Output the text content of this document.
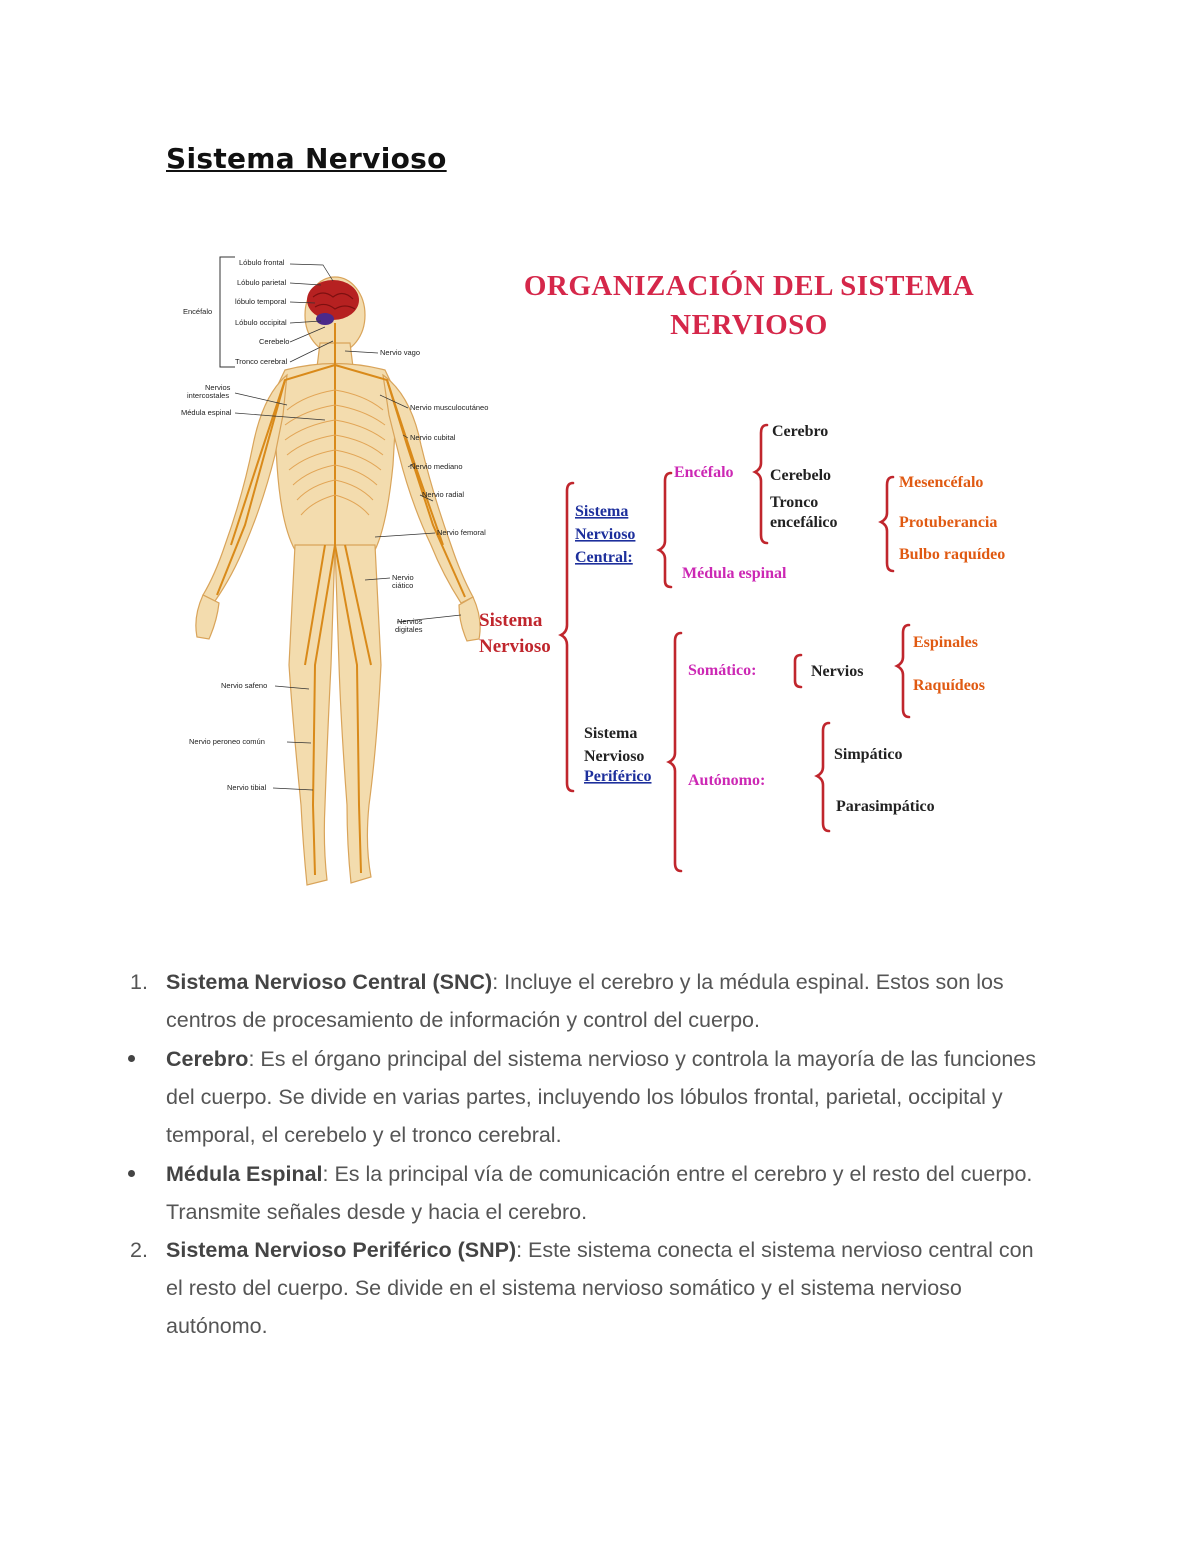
Sistema Nervioso
Encéfalo
Lóbulo frontal
Lóbulo parietal
lóbulo temporal
Lóbulo occipital
Cerebelo
Tronco cerebral
Nervios
intercostales
Médula espinal
Nervio vago
Nervio musculocutáneo
Nervio cubital
Nervio mediano
Nervio radial
Nervio femoral
Nervio
ciático
Nervios
digitales
Nervio safeno
Nervio peroneo común
Nervio tibial
ORGANIZACIÓN DEL SISTEMA
NERVIOSO
Sistema
Nervioso
Sistema
Nervioso
Central:
Sistema
Nervioso
Periférico
Encéfalo
Médula espinal
Cerebro
Cerebelo
Tronco
encefálico
Mesencéfalo
Protuberancia
Bulbo raquídeo
Somático:
Autónomo:
Nervios
Espinales
Raquídeos
Simpático
Parasimpático
1. Sistema Nervioso Central (SNC): Incluye el cerebro y la médula espinal. Estos son los centros de procesamiento de información y control del cuerpo.
Cerebro: Es el órgano principal del sistema nervioso y controla la mayoría de las funciones del cuerpo. Se divide en varias partes, incluyendo los lóbulos frontal, parietal, occipital y temporal, el cerebelo y el tronco cerebral.
Médula Espinal: Es la principal vía de comunicación entre el cerebro y el resto del cuerpo. Transmite señales desde y hacia el cerebro.
2. Sistema Nervioso Periférico (SNP): Este sistema conecta el sistema nervioso central con el resto del cuerpo. Se divide en el sistema nervioso somático y el sistema nervioso autónomo.
